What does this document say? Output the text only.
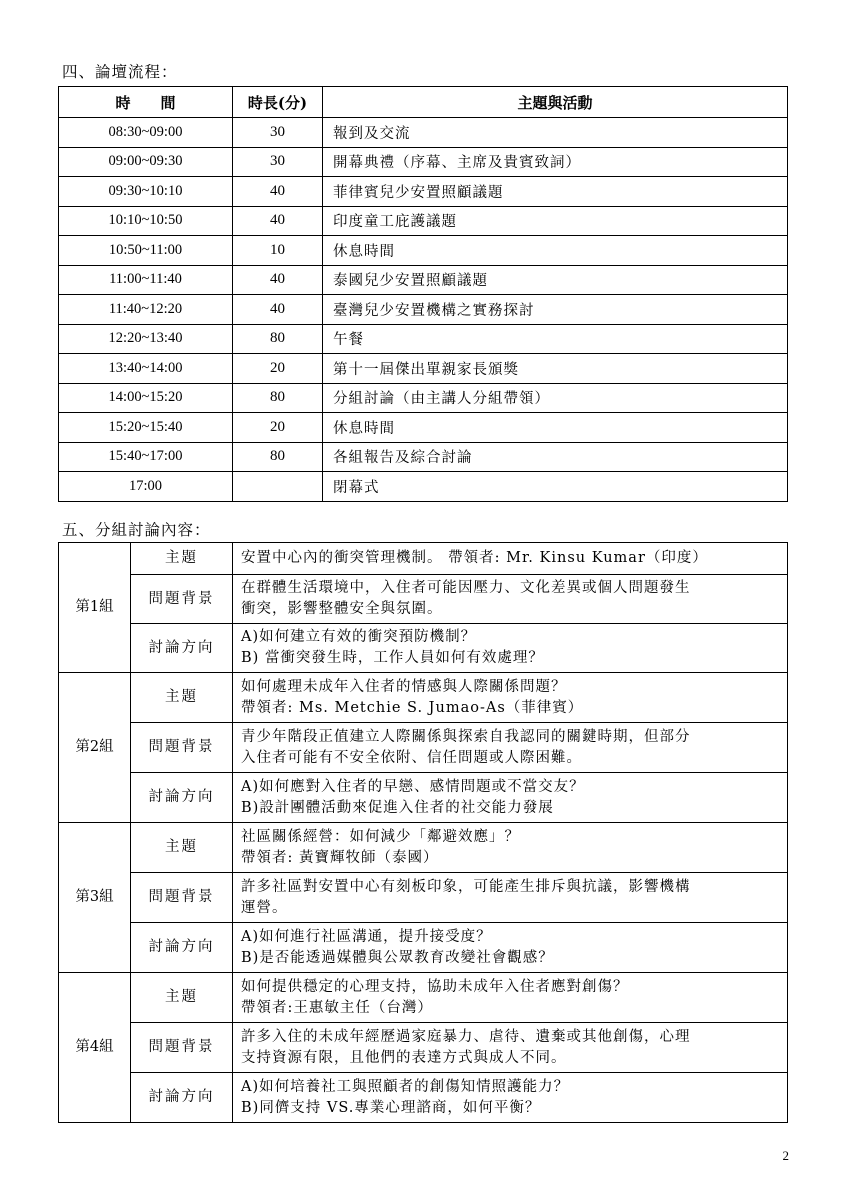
四、論壇流程：
時　　間	時長(分)	主題與活動
08:30~09:00	30	報到及交流
09:00~09:30	30	開幕典禮（序幕、主席及貴賓致詞）
09:30~10:10	40	菲律賓兒少安置照顧議題
10:10~10:50	40	印度童工庇護議題
10:50~11:00	10	休息時間
11:00~11:40	40	泰國兒少安置照顧議題
11:40~12:20	40	臺灣兒少安置機構之實務探討
12:20~13:40	80	午餐
13:40~14:00	20	第十一屆傑出單親家長頒獎
14:00~15:20	80	分組討論（由主講人分組帶領）
15:20~15:40	20	休息時間
15:40~17:00	80	各組報告及綜合討論
17:00		閉幕式
五、分組討論內容：
第1組	主題	安置中心內的衝突管理機制。 帶領者: Mr. Kinsu Kumar（印度）

	問題背景	在群體生活環境中，入住者可能因壓力、文化差異或個人問題發生
衝突，影響整體安全與氛圍。

	討論方向	A)如何建立有效的衝突預防機制？
B) 當衝突發生時，工作人員如何有效處理？

第2組	主題	如何處理未成年入住者的情感與人際關係問題？
帶領者: Ms. Metchie S. Jumao-As（菲律賓）

	問題背景	青少年階段正值建立人際關係與探索自我認同的關鍵時期，但部分
入住者可能有不安全依附、信任問題或人際困難。

	討論方向	A)如何應對入住者的早戀、感情問題或不當交友？
B)設計團體活動來促進入住者的社交能力發展

第3組	主題	社區關係經營：如何減少「鄰避效應」？
帶領者: 黃寶輝牧師（泰國）

	問題背景	許多社區對安置中心有刻板印象，可能產生排斥與抗議，影響機構
運營。

	討論方向	A)如何進行社區溝通，提升接受度？
B)是否能透過媒體與公眾教育改變社會觀感？

第4組	主題	如何提供穩定的心理支持，協助未成年入住者應對創傷？
帶領者:王惠敏主任（台灣）

	問題背景	許多入住的未成年經歷過家庭暴力、虐待、遺棄或其他創傷，心理
支持資源有限，且他們的表達方式與成人不同。

	討論方向	A)如何培養社工與照顧者的創傷知情照護能力？
B)同儕支持 VS.專業心理諮商，如何平衡？
2
